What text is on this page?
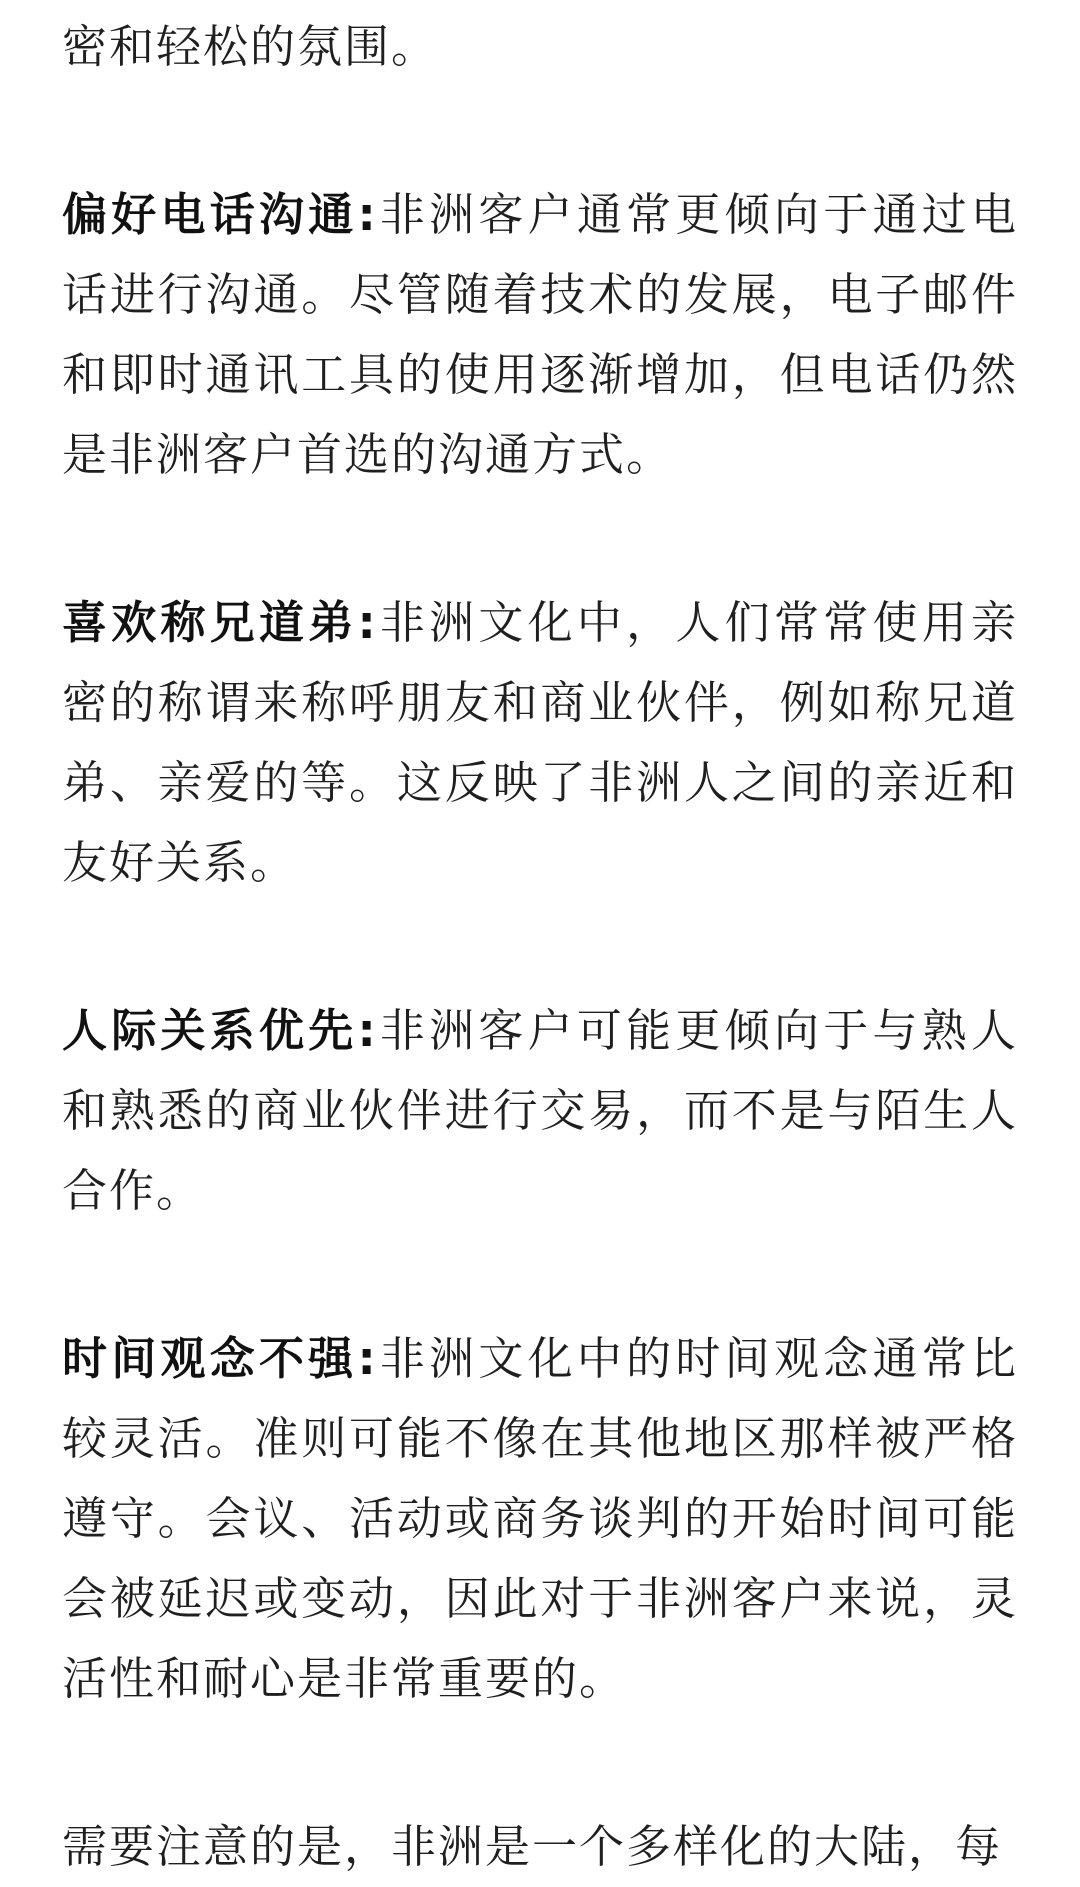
密和轻松的氛围。

偏好电话沟通:非洲客户通常更倾向于通过电话进行沟通。尽管随着技术的发展，电子邮件和即时通讯工具的使用逐渐增加，但电话仍然是非洲客户首选的沟通方式。

喜欢称兄道弟:非洲文化中，人们常常使用亲密的称谓来称呼朋友和商业伙伴，例如称兄道弟、亲爱的等。这反映了非洲人之间的亲近和友好关系。

人际关系优先:非洲客户可能更倾向于与熟人和熟悉的商业伙伴进行交易，而不是与陌生人合作。

时间观念不强:非洲文化中的时间观念通常比较灵活。准则可能不像在其他地区那样被严格遵守。会议、活动或商务谈判的开始时间可能会被延迟或变动，因此对于非洲客户来说，灵活性和耐心是非常重要的。

需要注意的是，非洲是一个多样化的大陆，每
